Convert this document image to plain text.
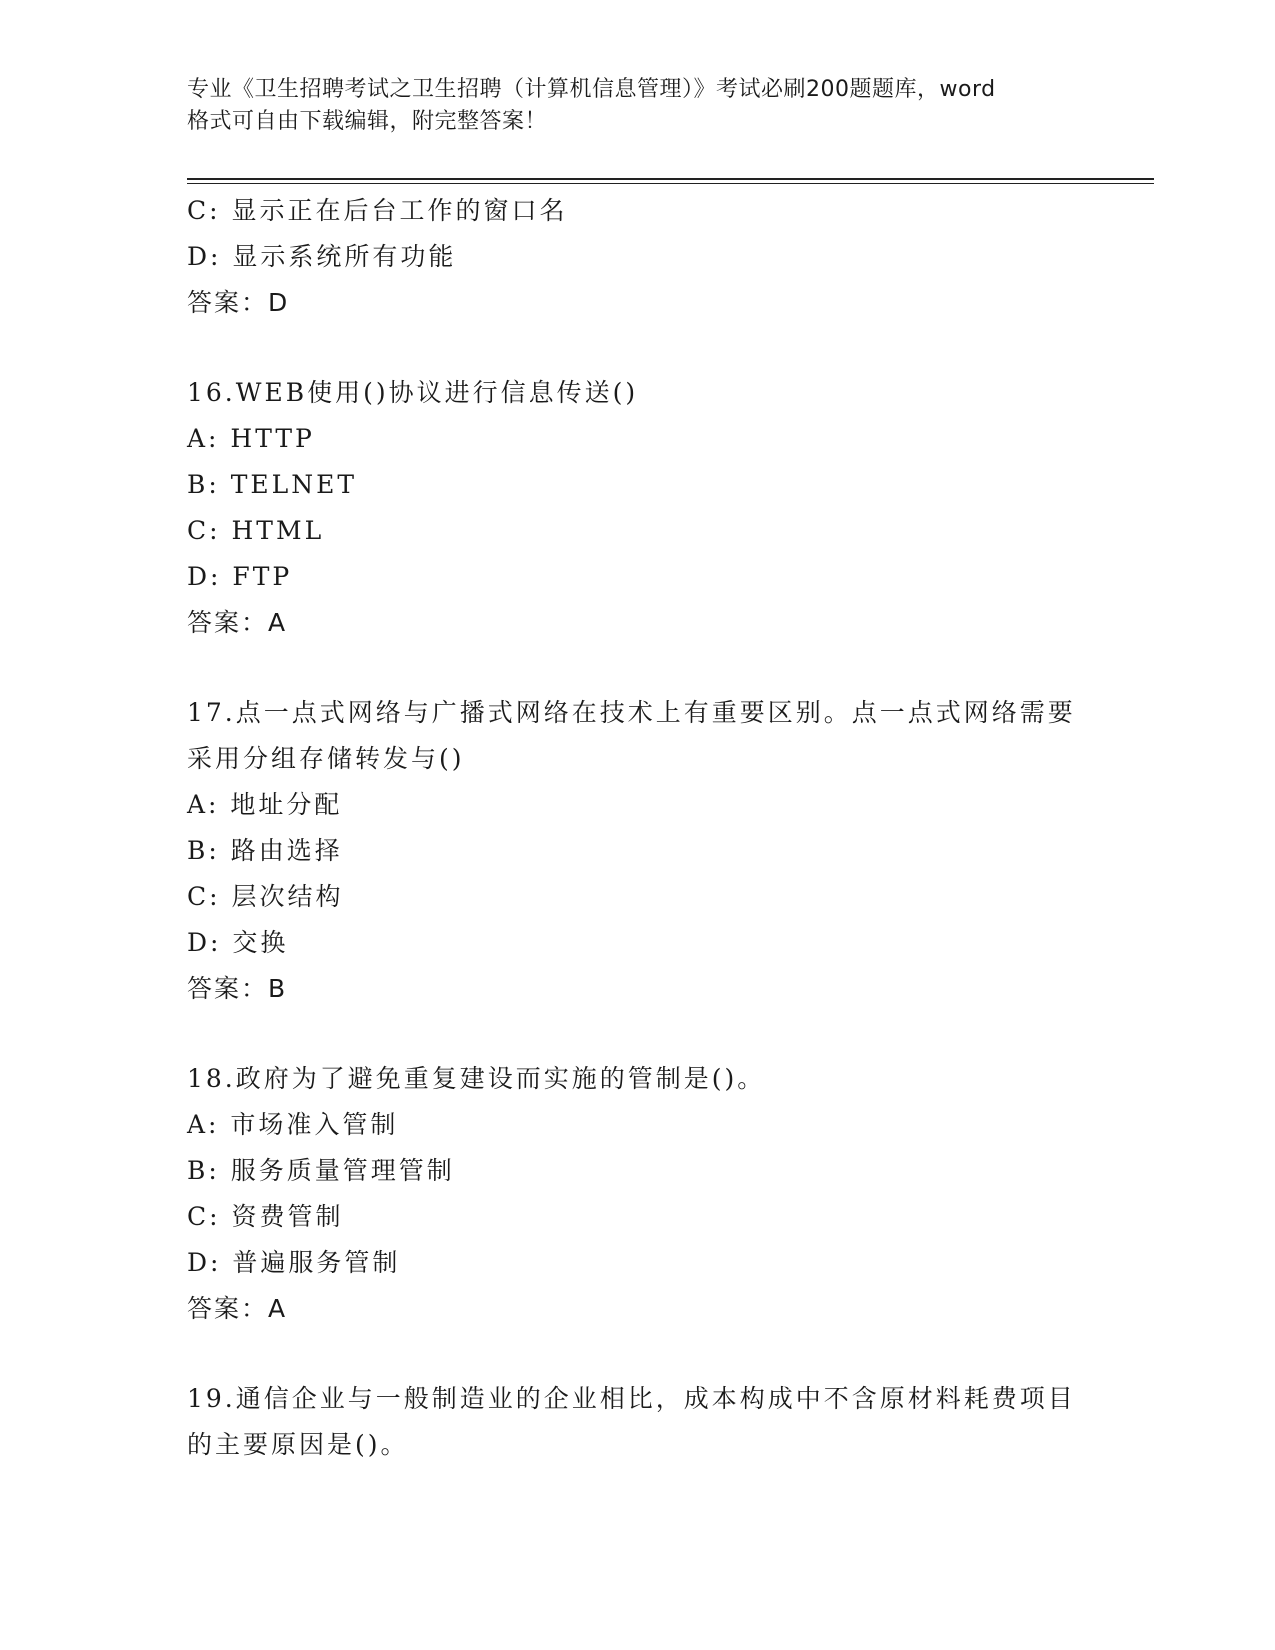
专业《卫生招聘考试之卫生招聘（计算机信息管理）》考试必刷200题题库，word
格式可自由下载编辑，附完整答案！
C: 显示正在后台工作的窗口名
D: 显示系统所有功能
答案：D
16.WEB使用()协议进行信息传送()
A: HTTP
B: TELNET
C: HTML
D: FTP
答案：A
17.点一点式网络与广播式网络在技术上有重要区别。点一点式网络需要采用分组存储转发与()
A: 地址分配
B: 路由选择
C: 层次结构
D: 交换
答案：B
18.政府为了避免重复建设而实施的管制是()。
A: 市场准入管制
B: 服务质量管理管制
C: 资费管制
D: 普遍服务管制
答案：A
19.通信企业与一般制造业的企业相比，成本构成中不含原材料耗费项目的主要原因是()。
